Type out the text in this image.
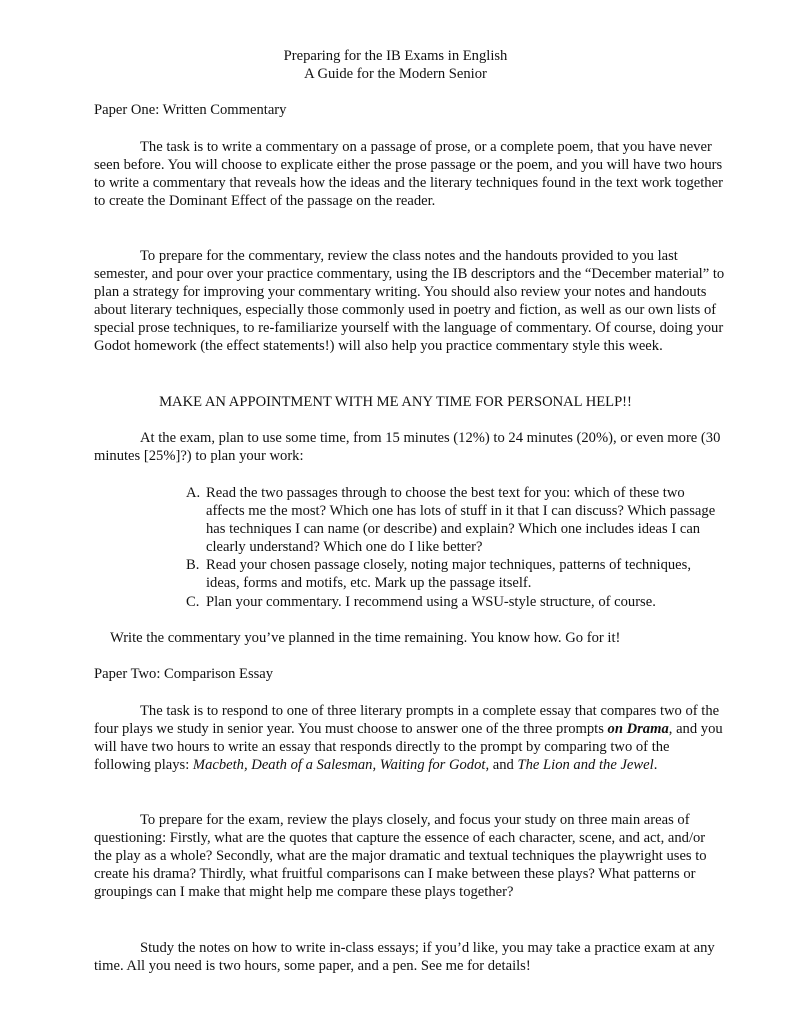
Preparing for the IB Exams in English
A Guide for the Modern Senior
Paper One: Written Commentary

The task is to write a commentary on a passage of prose, or a complete poem, that you have never seen before. You will choose to explicate either the prose passage or the poem, and you will have two hours to write a commentary that reveals how the ideas and the literary techniques found in the text work together to create the Dominant Effect of the passage on the reader.

To prepare for the commentary, review the class notes and the handouts provided to you last semester, and pour over your practice commentary, using the IB descriptors and the “December material” to plan a strategy for improving your commentary writing. You should also review your notes and handouts about literary techniques, especially those commonly used in poetry and fiction, as well as our own lists of special prose techniques, to re-familiarize yourself with the language of commentary. Of course, doing your Godot homework (the effect statements!) will also help you practice commentary style this week.

MAKE AN APPOINTMENT WITH ME ANY TIME FOR PERSONAL HELP!!

At the exam, plan to use some time, from 15 minutes (12%) to 24 minutes (20%), or even more (30 minutes [25%]?) to plan your work:

A. Read the two passages through to choose the best text for you: which of these two affects me the most? Which one has lots of stuff in it that I can discuss? Which passage has techniques I can name (or describe) and explain? Which one includes ideas I can clearly understand? Which one do I like better?
B. Read your chosen passage closely, noting major techniques, patterns of techniques, ideas, forms and motifs, etc. Mark up the passage itself.
C. Plan your commentary. I recommend using a WSU-style structure, of course.

Write the commentary you’ve planned in the time remaining. You know how. Go for it!

Paper Two: Comparison Essay

The task is to respond to one of three literary prompts in a complete essay that compares two of the four plays we study in senior year. You must choose to answer one of the three prompts on Drama, and you will have two hours to write an essay that responds directly to the prompt by comparing two of the following plays: Macbeth, Death of a Salesman, Waiting for Godot, and The Lion and the Jewel.

To prepare for the exam, review the plays closely, and focus your study on three main areas of questioning: Firstly, what are the quotes that capture the essence of each character, scene, and act, and/or the play as a whole? Secondly, what are the major dramatic and textual techniques the playwright uses to create his drama? Thirdly, what fruitful comparisons can I make between these plays? What patterns or groupings can I make that might help me compare these plays together?

Study the notes on how to write in-class essays; if you’d like, you may take a practice exam at any time. All you need is two hours, some paper, and a pen. See me for details!
